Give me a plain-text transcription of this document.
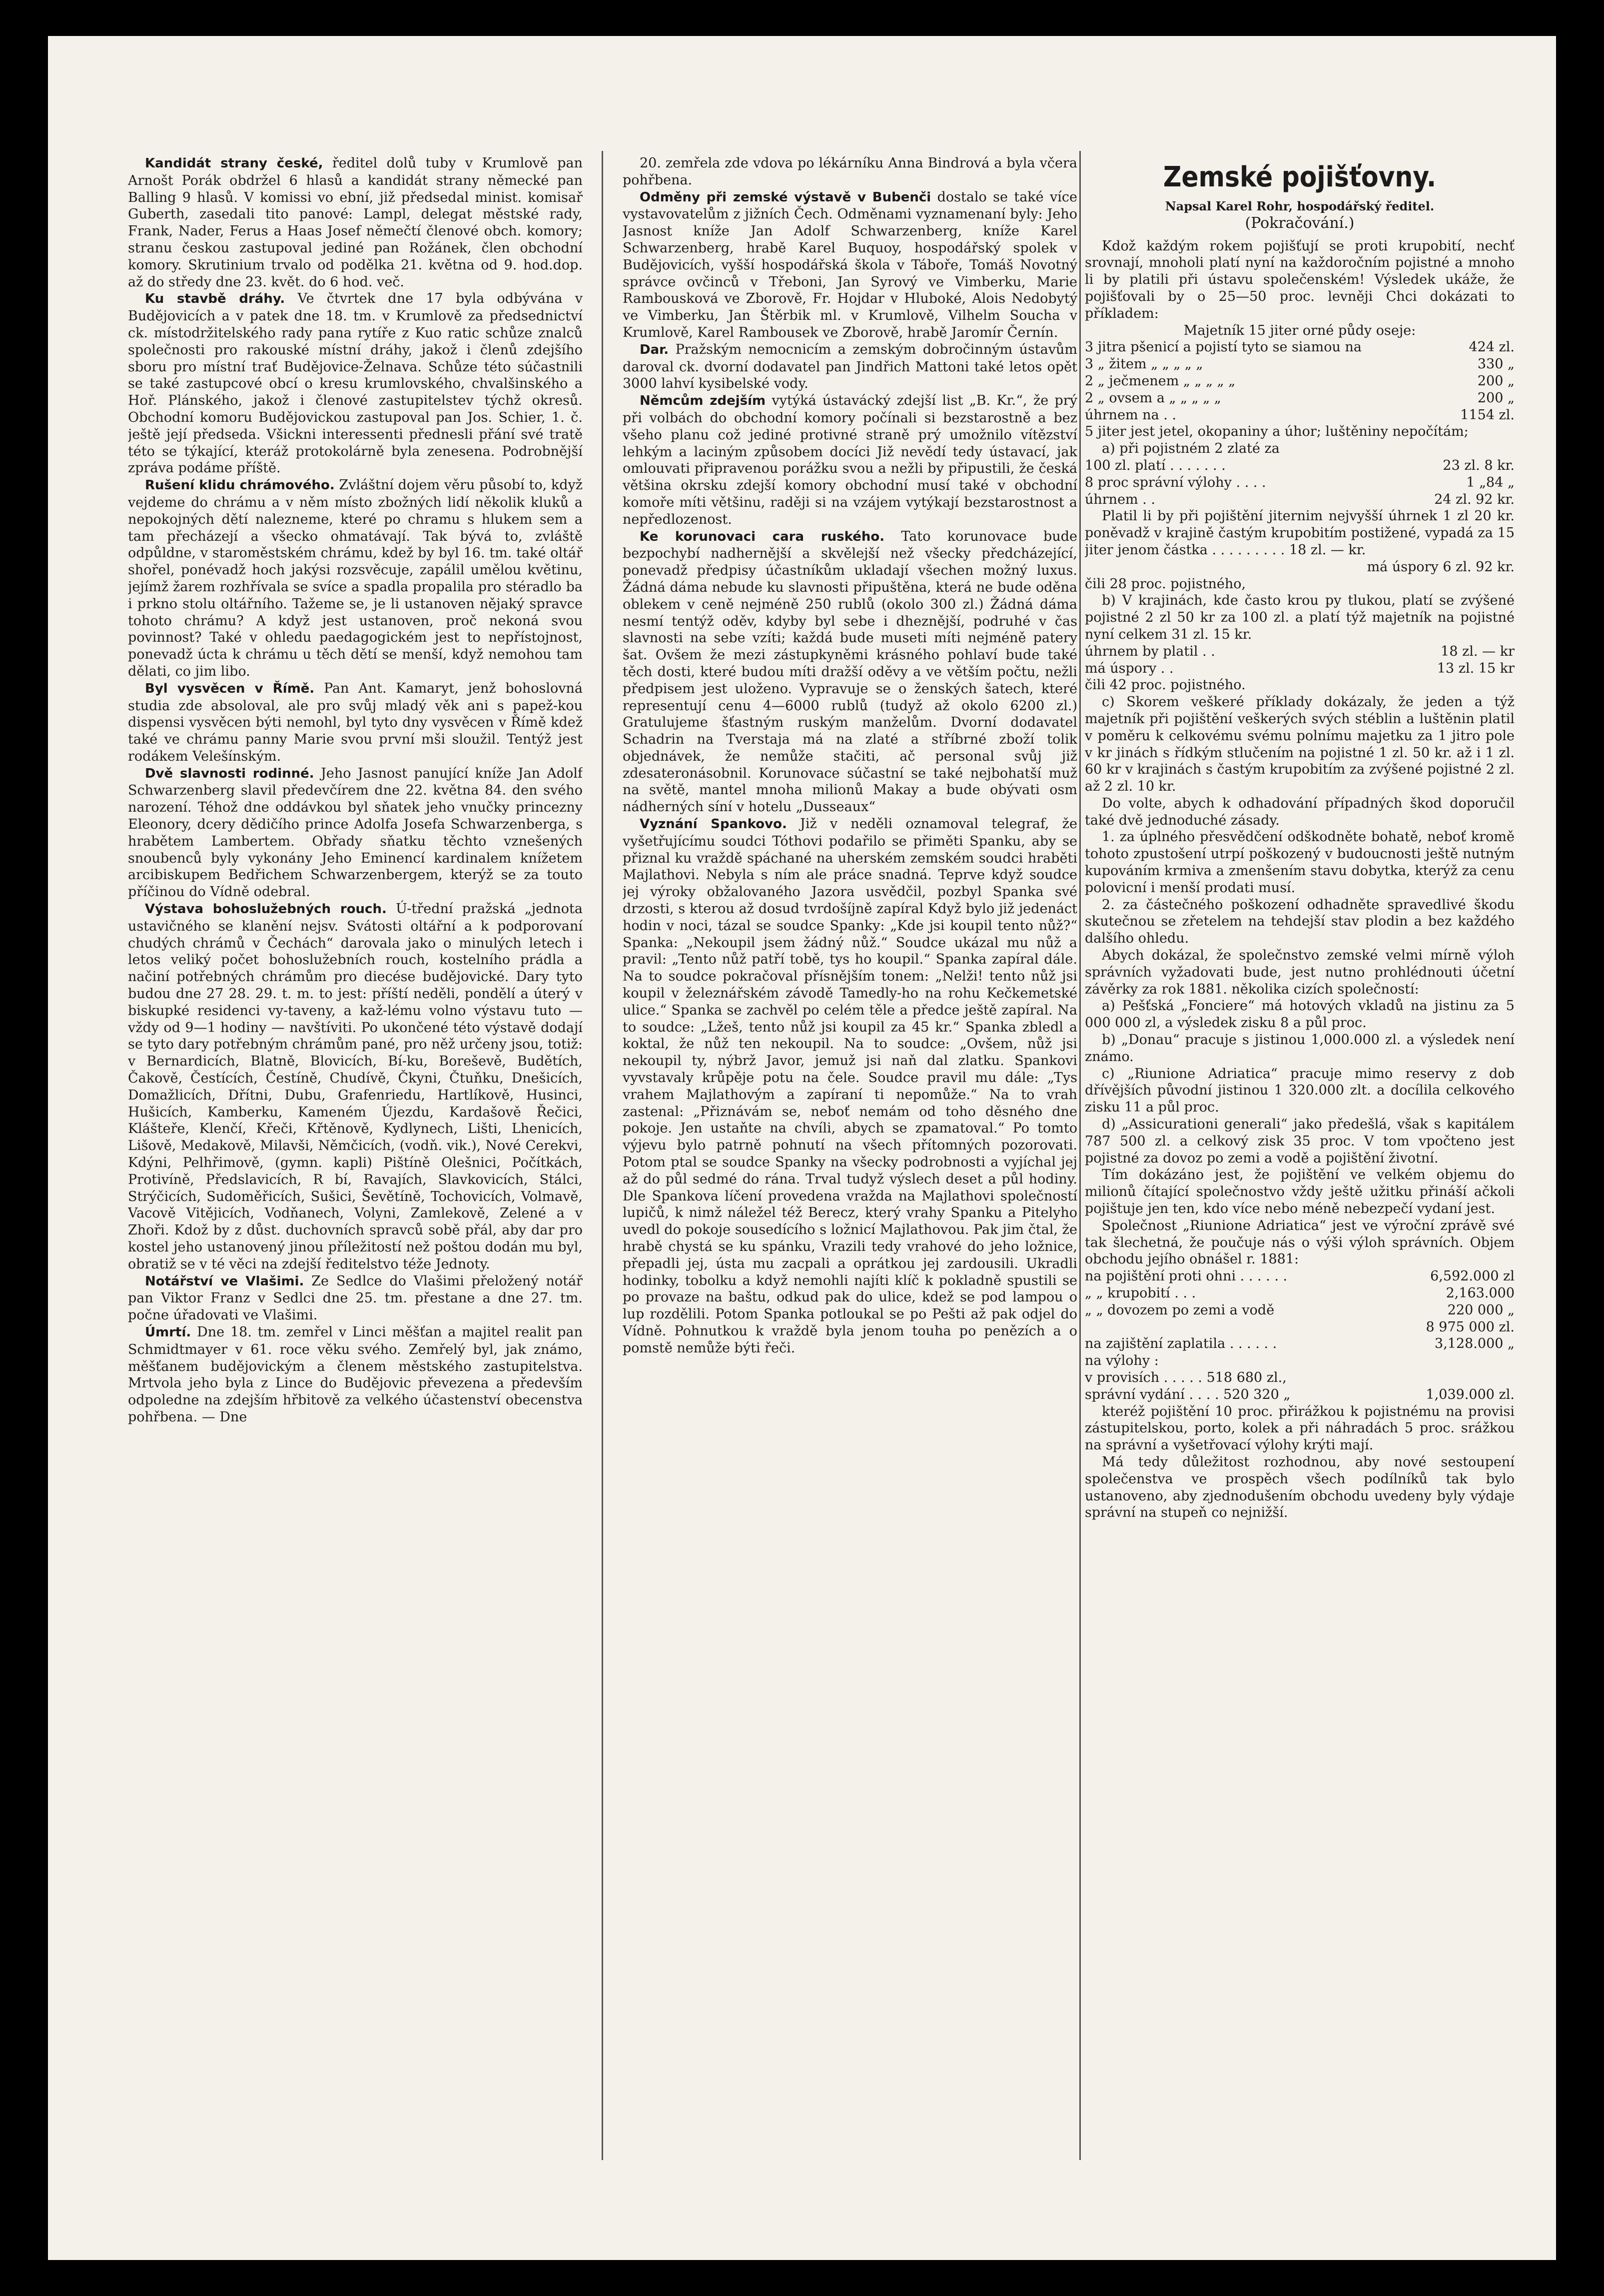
Kandidát strany české, ředitel dolů tuby v Krumlově pan Arnošt Porák obdržel 6 hlasů a kandidát strany německé pan Balling 9 hlasů. V komissi vo ební, již předsedal minist. komisař Guberth, zasedali tito panové: Lampl, delegat městské rady, Frank, Nader, Ferus a Haas Josef němečtí členové obch. komory; stranu českou zastupoval jediné pan Rožánek, člen obchodní komory. Skrutinium trvalo od podělka 21. května od 9. hod.dop. až do středy dne 23. květ. do 6 hod. več.

Ku stavbě dráhy. Ve čtvrtek dne 17 byla odbývána v Budějovicích a v patek dne 18. tm. v Krumlově za předsednictví ck. místodržitelského rady pana rytíře z Kuo ratic schůze znalců společnosti pro rakouské místní dráhy, jakož i členů zdejšího sboru pro místní trať Budějovice-Želnava. Schůze této súčastnili se také zastupcové obcí o kresu krumlovského, chvalšinského a Hoř. Plánského, jakož i členové zastupitelstev týchž okresů. Obchodní komoru Budějovickou zastupoval pan Jos. Schier, 1. č. ještě její předseda. Všickni interessenti přednesli přání své tratě této se týkající, kteráž protokolárně byla zenesena. Podrobnější zpráva podáme příště.

Rušení klidu chrámového. Zvláštní dojem věru působí to, když vejdeme do chrámu a v něm místo zbožných lidí několik kluků a nepokojných dětí nalezneme, které po chramu s hlukem sem a tam přecházejí a všecko ohmatávají. Tak bývá to, zvláště odpůldne, v staroměstském chrámu, kdež by byl 16. tm. také oltář shořel, ponévadž hoch jakýsi rozsvěcuje, zapálil umělou květinu, jejímž žarem rozhřívala se svíce a spadla propalila pro stéradlo ba i prkno stolu oltářního. Tažeme se, je li ustanoven nějaký spravce tohoto chrámu? A když jest ustanoven, proč nekoná svou povinnost? Také v ohledu paedagogickém jest to nepřístojnost, ponevadž úcta k chrámu u těch dětí se menší, když nemohou tam dělati, co jim libo.

Byl vysvěcen v Římě. Pan Ant. Kamaryt, jenž bohoslovná studia zde absoloval, ale pro svůj mladý věk ani s papež-kou dispensi vysvěcen býti nemohl, byl tyto dny vysvěcen v Římě kdež také ve chrámu panny Marie svou první mši sloužil. Tentýž jest rodákem Velešínským.

Dvě slavnosti rodinné. Jeho Jasnost panující kníže Jan Adolf Schwarzenberg slavil předevčírem dne 22. května 84. den svého narození. Téhož dne oddávkou byl sňatek jeho vnučky princezny Eleonory, dcery dědičího prince Adolfa Josefa Schwarzenberga, s hrabětem Lambertem. Obřady sňatku těchto vznešených snoubenců byly vykonány Jeho Eminencí kardinalem knížetem arcibiskupem Bedřichem Schwarzenbergem, kterýž se za touto příčinou do Vídně odebral.

Výstava bohoslužebných rouch. Ú-třední pražská „jednota ustavičného se klanění nejsv. Svátosti oltářní a k podporovaní chudých chrámů v Čechách“ darovala jako o minulých letech i letos veliký počet bohoslužebních rouch, kostelního prádla a načiní potřebných chrámům pro diecése budějovické. Dary tyto budou dne 27 28. 29. t. m. to jest: příští neděli, pondělí a úterý v biskupké residenci vy-taveny, a kaž-lému volno výstavu tuto — vždy od 9—1 hodiny — navštíviti. Po ukončené této výstavě dodají se tyto dary potřebným chrámům pané, pro něž určeny jsou, totiž: v Bernardicích, Blatně, Blovicích, Bí-ku, Boreševě, Budětích, Čakově, Čestících, Čestíně, Chudívě, Čkyni, Čtuňku, Dnešicích, Domažlicích, Dřítni, Dubu, Grafenriedu, Hartlíkově, Husinci, Hušicích, Kamberku, Kameném Újezdu, Kardašově Řečici, Klášteře, Klenčí, Křeči, Křtěnově, Kydlynech, Lišti, Lhenicích, Lišově, Medakově, Milavši, Němčicích, (vodň. vik.), Nové Cerekvi, Kdýni, Pelhřimově, (gymn. kapli) Pištíně Olešnici, Počítkách, Protivíně, Předslavicích, R bí, Ravajích, Slavkovicích, Stálci, Strýčicích, Sudoměřicích, Sušici, Ševětíně, Tochovicích, Volmavě, Vacově Vitějicích, Vodňanech, Volyni, Zamlekově, Zelené a v Zhoři. Kdož by z důst. duchovních spravců sobě přál, aby dar pro kostel jeho ustanovený jinou příležitostí než poštou dodán mu byl, obratiž se v té věci na zdejší ředitelstvo téže Jednoty.

Notářství ve Vlašimi. Ze Sedlce do Vlašimi přeložený notář pan Viktor Franz v Sedlci dne 25. tm. přestane a dne 27. tm. počne úřadovati ve Vlašimi.

Úmrtí. Dne 18. tm. zemřel v Linci měšťan a majitel realit pan Schmidtmayer v 61. roce věku svého. Zemřelý byl, jak známo, měšťanem budějovickým a členem městského zastupitelstva. Mrtvola jeho byla z Lince do Budějovic převezena a především odpoledne na zdejším hřbitově za velkého účastenství obecenstva pohřbena. — Dne

20. zemřela zde vdova po lékárníku Anna Bindrová a byla včera pohřbena.

Odměny při zemské výstavě v Bubenči dostalo se také více vystavovatelům z jižních Čech. Odměnami vyznamenaní byly: Jeho Jasnost kníže Jan Adolf Schwarzenberg, kníže Karel Schwarzenberg, hrabě Karel Buquoy, hospodářský spolek v Budějovicích, vyšší hospodářská škola v Táboře, Tomáš Novotný správce ovčinců v Třeboni, Jan Syrový ve Vimberku, Marie Rambousková ve Zborově, Fr. Hojdar v Hluboké, Alois Nedobytý ve Vimberku, Jan Štěrbik ml. v Krumlově, Vilhelm Soucha v Krumlově, Karel Rambousek ve Zborově, hrabě Jaromír Černín.

Dar. Pražským nemocnicím a zemským dobročinným ústavům daroval ck. dvorní dodavatel pan Jindřich Mattoni také letos opět 3000 lahví kysibelské vody.

Němcům zdejším vytýká ústavácký zdejší list „B. Kr.“, že prý při volbách do obchodní komory počínali si bezstarostně a bez všeho planu což jediné protivné straně prý umožnilo vítězství lehkým a laciným způsobem docíci Již nevědí tedy ústavací, jak omlouvati připravenou porážku svou a nežli by připustili, že česká většina okrsku zdejší komory obchodní musí také v obchodní komoře míti většinu, raději si na vzájem vytýkají bezstarostnost a nepředlozenost.

Ke korunovaci cara ruského. Tato korunovace bude bezpochybí nadhernější a skvělejší než všecky předcházející, ponevadž předpisy účastníkům ukladají všechen možný luxus. Žádná dáma nebude ku slavnosti připuštěna, která ne bude oděna oblekem v ceně nejméně 250 rublů (okolo 300 zl.) Žádná dáma nesmí tentýž oděv, kdyby byl sebe i dheznější, podruhé v čas slavnosti na sebe vzíti; každá bude museti míti nejméně patery šat. Ovšem že mezi zástupkyněmi krásného pohlaví bude také těch dosti, které budou míti dražší oděvy a ve větším počtu, nežli předpisem jest uloženo. Vypravuje se o ženských šatech, které representují cenu 4—6000 rublů (tudyž až okolo 6200 zl.) Gratulujeme šťastným ruským manželům. Dvorní dodavatel Schadrin na Tverstaja má na zlaté a stříbrné zboží tolik objednávek, že nemůže stačiti, ač personal svůj již zdesateronásobnil. Korunovace súčastní se také nejbohatší muž na světě, mantel mnoha milionů Makay a bude obývati osm nádherných síní v hotelu „Dusseaux“

Vyznání Spankovo. Již v neděli oznamoval telegraf, že vyšetřujícímu soudci Tóthovi podařilo se přiměti Spanku, aby se přiznal ku vraždě spáchané na uherském zemském soudci hraběti Majlathovi. Nebyla s ním ale práce snadná. Teprve když soudce jej výroky obžalovaného Jazora usvědčil, pozbyl Spanka své drzosti, s kterou až dosud tvrdošíjně zapíral Když bylo již jedenáct hodin v noci, tázal se soudce Spanky: „Kde jsi koupil tento nůž?“ Spanka: „Nekoupil jsem žádný nůž.“ Soudce ukázal mu nůž a pravil: „Tento nůž patří tobě, tys ho koupil.“ Spanka zapíral dále. Na to soudce pokračoval přísnějším tonem: „Nelži! tento nůž jsi koupil v železnářském závodě Tamedly-ho na rohu Kečkemetské ulice.“ Spanka se zachvěl po celém těle a předce ještě zapíral. Na to soudce: „Lžeš, tento nůž jsi koupil za 45 kr.“ Spanka zbledl a koktal, že nůž ten nekoupil. Na to soudce: „Ovšem, nůž jsi nekoupil ty, nýbrž Javor, jemuž jsi naň dal zlatku. Spankovi vyvstavaly krůpěje potu na čele. Soudce pravil mu dále: „Tys vrahem Majlathovým a zapíraní ti nepomůže.“ Na to vrah zastenal: „Přiznávám se, neboť nemám od toho děsného dne pokoje. Jen ustaňte na chvíli, abych se zpamatoval.“ Po tomto výjevu bylo patrně pohnutí na všech přítomných pozorovati. Potom ptal se soudce Spanky na všecky podrobnosti a vyjíchal jej až do půl sedmé do rána. Trval tudyž výslech deset a půl hodiny. Dle Spankova líčení provedena vražda na Majlathovi společností lupičů, k nimž náležel též Berecz, který vrahy Spanku a Pitelyho uvedl do pokoje sousedícího s ložnicí Majlathovou. Pak jim čtal, že hrabě chystá se ku spánku, Vrazili tedy vrahové do jeho ložnice, přepadli jej, ústa mu zacpali a oprátkou jej zardousili. Ukradli hodinky, tobolku a když nemohli najíti klíč k pokladně spustili se po provaze na baštu, odkud pak do ulice, kdež se pod lampou o lup rozdělili. Potom Spanka potloukal se po Pešti až pak odjel do Vídně. Pohnutkou k vraždě byla jenom touha po penězích a o pomstě nemůže býti řeči.

Zemské pojišťovny.

Napsal Karel Rohr, hospodářský ředitel.

(Pokračování.)

Kdož každým rokem pojišťují se proti krupobití, nechť srovnají, mnoholi platí nyní na každoročním pojistné a mnoho li by platili při ústavu společenském! Výsledek ukáže, že pojišťovali by o 25—50 proc. levněji Chci dokázati to příkladem:

Majetník 15 jiter orné půdy oseje:

3 jitra pšenicí a pojistí tyto se siamou na	424 zl.
3 „ žitem „ „ „ „ „	330 „
2 „ ječmenem „ „ „ „ „	200 „
2 „ ovsem a „ „ „ „ „	200 „
úhrnem na . .	1154 zl.

5 jiter jest jetel, okopaniny a úhor; luštěniny nepočítám;

a) při pojistném 2 zlaté za

100 zl. platí . . . . . . .	23 zl. 8 kr.
8 proc správní výlohy . . . .	1 „84 „
úhrnem . .	24 zl. 92 kr.

Platil li by při pojištění jiternim nejvyšší úhrnek 1 zl 20 kr. poněvadž v krajině častým krupobitím postižené, vypadá za 15 jiter jenom částka . . . . . . . . . 18 zl. — kr.

má úspory 6 zl. 92 kr.

čili 28 proc. pojistného,

b) V krajinách, kde často krou py tlukou, platí se zvýšené pojistné 2 zl 50 kr za 100 zl. a platí týž majetník na pojistné nyní celkem 31 zl. 15 kr.

úhrnem by platil . .	18 zl. — kr
má úspory . .	13 zl. 15 kr

čili 42 proc. pojistného.

c) Skorem veškeré příklady dokázaly, že jeden a týž majetník při pojištění veškerých svých stéblin a luštěnin platil v poměru k celkovému svému polnímu majetku za 1 jitro pole v kr jinách s řídkým stlučením na pojistné 1 zl. 50 kr. až i 1 zl. 60 kr v krajinách s častým krupobitím za zvýšené pojistné 2 zl. až 2 zl. 10 kr.

Do volte, abych k odhadování případných škod doporučil také dvě jednoduché zásady.

1. za úplného přesvědčení odškodněte bohatě, neboť kromě tohoto zpustošení utrpí poškozený v budoucnosti ještě nutným kupováním krmiva a zmenšením stavu dobytka, kterýž za cenu polovicní i menší prodati musí.

2. za částečného poškození odhadněte spravedlivé škodu skutečnou se zřetelem na tehdejší stav plodin a bez každého dalšího ohledu.

Abych dokázal, že společnstvo zemské velmi mírně výloh správních vyžadovati bude, jest nutno prohlédnouti účetní závěrky za rok 1881. několika cizích společností:

a) Pešťská „Fonciere“ má hotových vkladů na jistinu za 5 000 000 zl, a výsledek zisku 8 a půl proc.

b) „Donau“ pracuje s jistinou 1,000.000 zl. a výsledek není známo.

c) „Riunione Adriatica“ pracuje mimo reservy z dob dřívějších původní jistinou 1 320.000 zlt. a docílila celkového zisku 11 a půl proc.

d) „Assicurationi generali“ jako předešlá, však s kapitálem 787 500 zl. a celkový zisk 35 proc. V tom vpočteno jest pojistné za dovoz po zemi a vodě a pojištění životní.

Tím dokázáno jest, že pojištění ve velkém objemu do milionů čítající společnostvo vždy ještě užitku přináší ačkoli pojištuje jen ten, kdo více nebo méně nebezpečí vydaní jest.

Společnost „Riunione Adriatica“ jest ve výroční zprávě své tak šlechetná, že poučuje nás o výši výloh správních. Objem obchodu jejího obnášel r. 1881:

na pojištění proti ohni . . . . . .	6,592.000 zl
„ „ krupobití . . .	2,163.000
„ „ dovozem po zemi a vodě	220 000 „
8 975 000 zl.
na zajištění zaplatila . . . . . .	3,128.000 „
na výlohy :
v provisích . . . . . 518 680 zl.,
správní vydání . . . . 520 320 „	1,039.000 zl.

kteréž pojištění 10 proc. přirážkou k pojistnému na provisi zástupitelskou, porto, kolek a při náhradách 5 proc. srážkou na správní a vyšetřovací výlohy krýti mají.

Má tedy důležitost rozhodnou, aby nové sestoupení společenstva ve prospěch všech podílníků tak bylo ustanoveno, aby zjednodušením obchodu uvedeny byly výdaje správní na stupeň co nejnižší.
